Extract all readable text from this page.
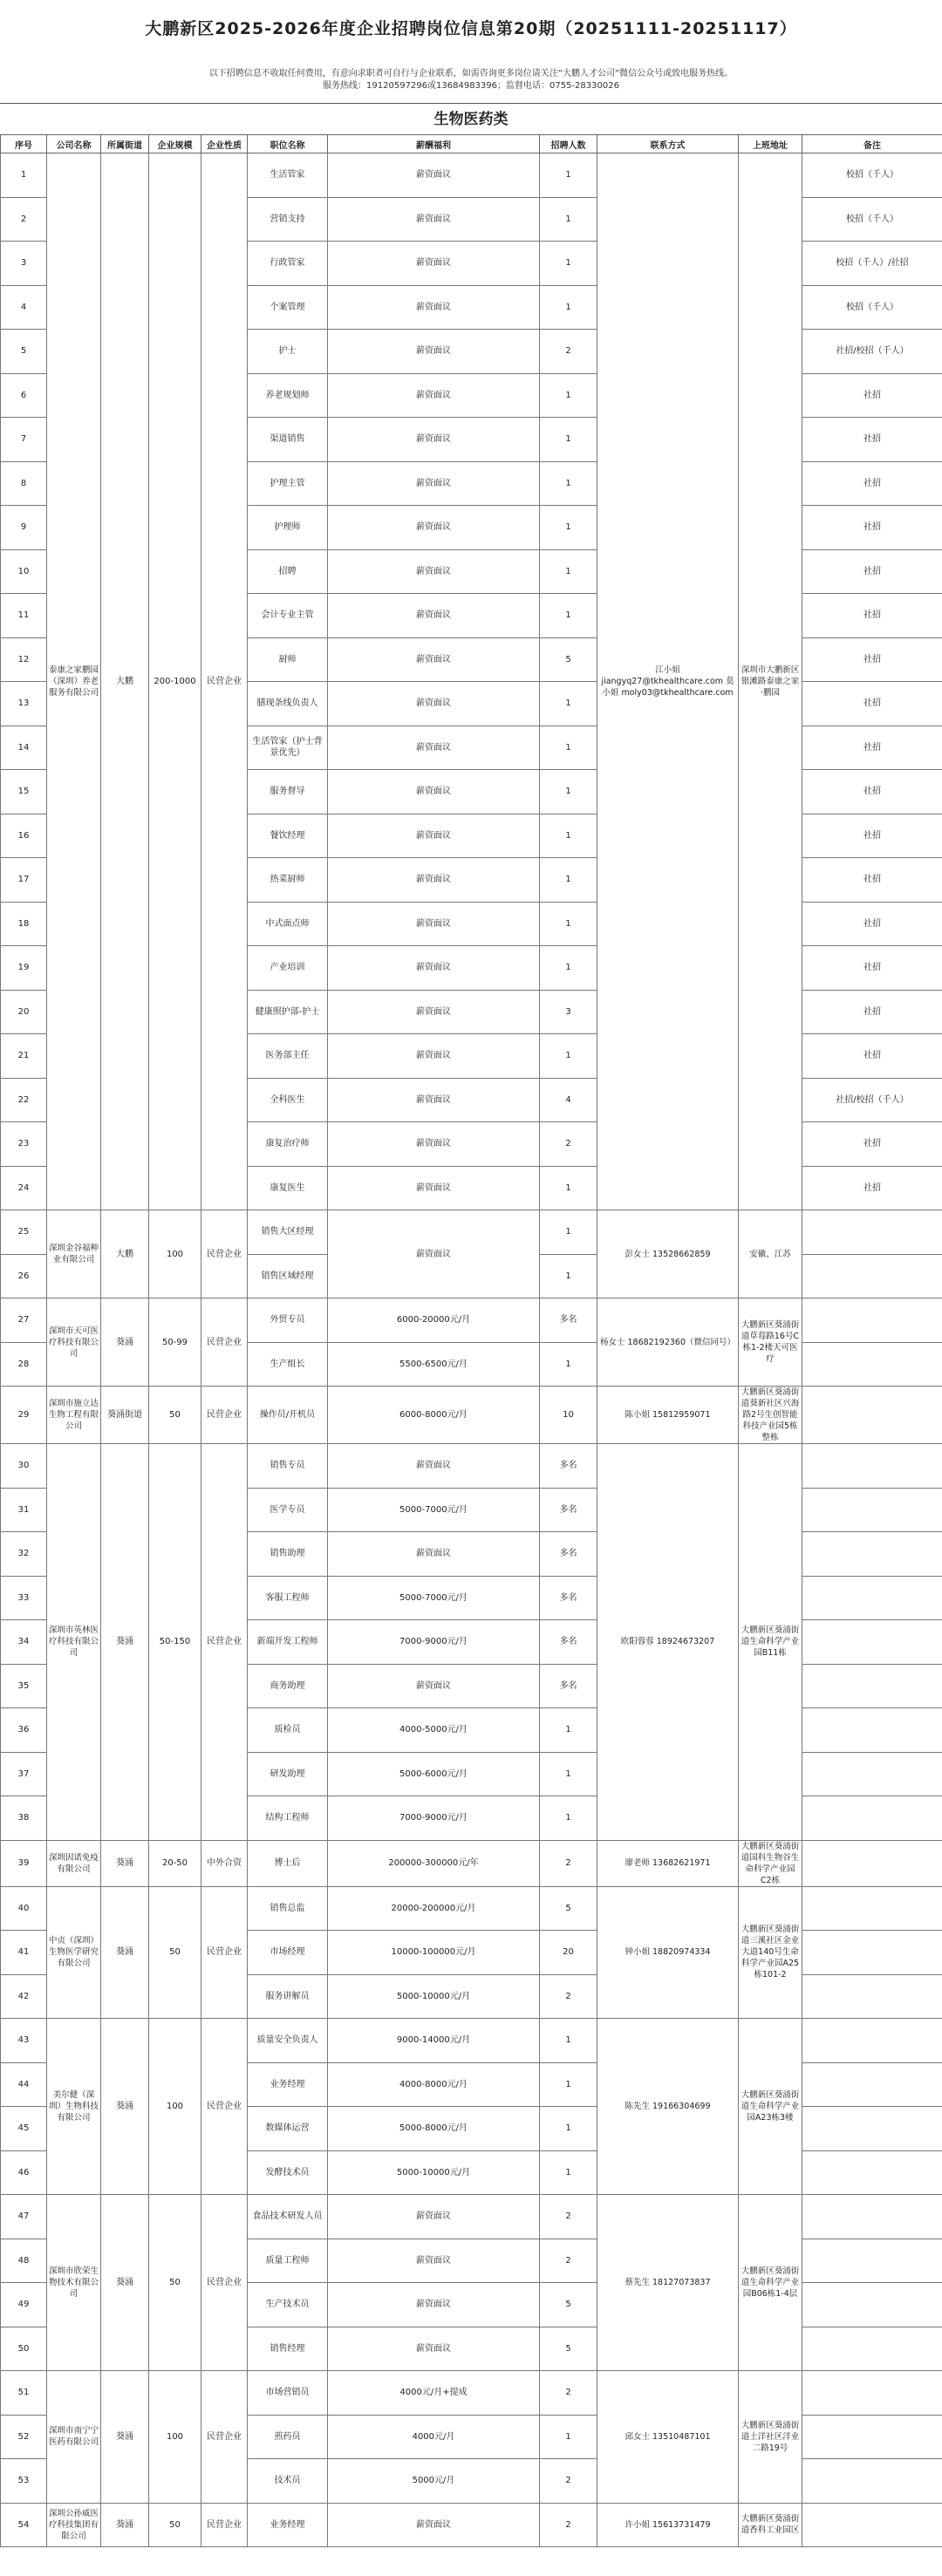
大鹏新区2025-2026年度企业招聘岗位信息第20期（20251111-20251117）
以下招聘信息不收取任何费用，有意向求职者可自行与企业联系，如需咨询更多岗位请关注“大鹏人才公司”微信公众号或致电服务热线。
服务热线：19120597296或13684983396；监督电话：0755-28330026
生物医药类
序号	公司名称	所属街道	企业规模	企业性质	职位名称	薪酬福利	招聘人数	联系方式	上班地址	备注
1	泰康之家鹏园（深圳）养老服务有限公司	大鹏	200-1000	民营企业	生活管家	薪资面议	1	江小姐 jiangyq27@tkhealthcare.com 莫小姐 moly03@tkhealthcare.com	深圳市大鹏新区银滩路泰康之家·鹏园	校招（千人）
2					营销支持	薪资面议	1			校招（千人）
3					行政管家	薪资面议	1			校招（千人）/社招
4					个案管理	薪资面议	1			校招（千人）
5					护士	薪资面议	2			社招/校招（千人）
6					养老规划师	薪资面议	1			社招
7					渠道销售	薪资面议	1			社招
8					护理主管	薪资面议	1			社招
9					护理师	薪资面议	1			社招
10					招聘	薪资面议	1			社招
11					会计专业主管	薪资面议	1			社招
12					厨师	薪资面议	5			社招
13					膳现条线负责人	薪资面议	1			社招
14					生活管家（护士背景优先）	薪资面议	1			社招
15					服务督导	薪资面议	1			社招
16					餐饮经理	薪资面议	1			社招
17					热菜厨师	薪资面议	1			社招
18					中式面点师	薪资面议	1			社招
19					产业培训	薪资面议	1			社招
20					健康照护部-护士	薪资面议	3			社招
21					医务部主任	薪资面议	1			社招
22					全科医生	薪资面议	4			社招/校招（千人）
23					康复治疗师	薪资面议	2			社招
24					康复医生	薪资面议	1			社招
25	深圳金谷福种业有限公司	大鹏	100	民营企业	销售大区经理	薪资面议	1	彭女士 13528662859	安徽、江苏	
26					销售区域经理		1			
27	深圳市天可医疗科技有限公司	葵涌	50-99	民营企业	外贸专员	6000-20000元/月	多名	杨女士 18682192360（微信同号）	大鹏新区葵涌街道草莓路16号C栋1-2楼天可医疗	
28					生产组长	5500-6500元/月	1			
29	深圳市施立达生物工程有限公司	葵涌街道	50	民营企业	操作员/开机员	6000-8000元/月	10	陈小姐 15812959071	大鹏新区葵涌街道葵新社区兴海路2号生创智能科技产业园5栋整栋	
30	深圳市英林医疗科技有限公司	葵涌	50-150	民营企业	销售专员	薪资面议	多名	欧阳蓉蓉 18924673207	大鹏新区葵涌街道生命科学产业园B11栋	
31					医学专员	5000-7000元/月	多名			
32					销售助理	薪资面议	多名			
33					客服工程师	5000-7000元/月	多名			
34					新端开发工程师	7000-9000元/月	多名			
35					商务助理	薪资面议	多名			
36					质检员	4000-5000元/月	1			
37					研发助理	5000-6000元/月	1			
38					结构工程师	7000-9000元/月	1			
39	深圳因诺免疫有限公司	葵涌	20-50	中外合资	博士后	200000-300000元/年	2	廖老师 13682621971	大鹏新区葵涌街道国科生物谷生命科学产业园C2栋	
40	中贞（深圳）生物医学研究有限公司	葵涌	50	民营企业	销售总监	20000-200000元/月	5	钟小姐 18820974334	大鹏新区葵涌街道三溪社区金业大道140号生命科学产业园A25栋101-2	
41					市场经理	10000-100000元/月	20			
42					服务讲解员	5000-10000元/月	2			
43	美尔健（深圳）生物科技有限公司	葵涌	100	民营企业	质量安全负责人	9000-14000元/月	1	陈先生 19166304699	大鹏新区葵涌街道生命科学产业园A23栋3楼	
44					业务经理	4000-8000元/月	1			
45					数媒体运营	5000-8000元/月	1			
46					发酵技术员	5000-10000元/月	1			
47	深圳市欣荣生物技术有限公司	葵涌	50	民营企业	食品技术研发人员	薪资面议	2	蔡先生 18127073837	大鹏新区葵涌街道生命科学产业园B06栋1-4层	
48					质量工程师	薪资面议	2			
49					生产技术员	薪资面议	5			
50					销售经理	薪资面议	5			
51	深圳市南宁宁医药有限公司	葵涌	100	民营企业	市场营销员	4000元/月+提成	2	邱女士 13510487101	大鹏新区葵涌街道土洋社区洋业二路19号	
52					煎药员	4000元/月	1			
53					技术员	5000元/月	2			
54	深圳公孙威医疗科技集团有限公司	葵涌	50	民营企业	业务经理	薪资面议	2	许小姐 15613731479	大鹏新区葵涌街道香科工业园区	
